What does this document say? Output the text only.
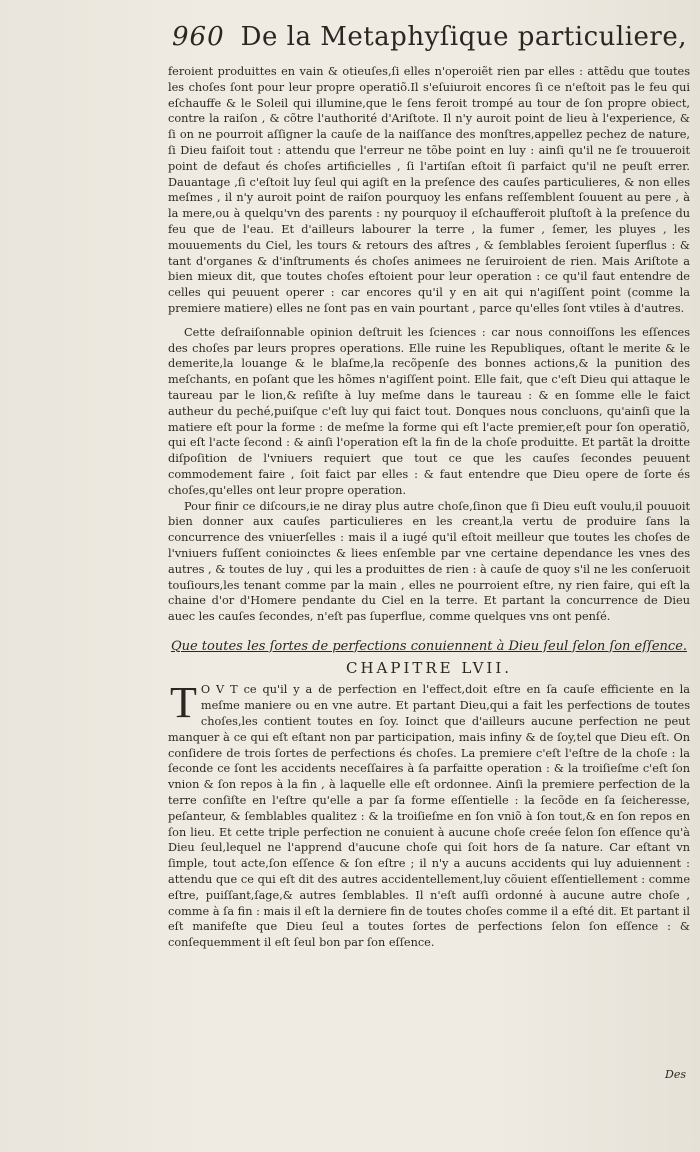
960 De la Metaphyſique particuliere,

feroient produittes en vain & otieuſes,ſi elles n'operoiẽt rien par elles : attẽdu que toutes les choſes ſont pour leur propre operatiõ.Il s'eſuiuroit encores ſi ce n'eſtoit pas le feu qui eſchauffe & le Soleil qui illumine,que le ſens feroit trompé au tour de ſon propre obiect, contre la raiſon , & cõtre l'authorité d'Ariſtote. Il n'y auroit point de lieu à l'experience, & ſi on ne pourroit aſſigner la cauſe de la naiſſance des monſtres,appellez pechez de nature, ſi Dieu faiſoit tout : attendu que l'erreur ne tõbe point en luy : ainſi qu'il ne ſe trouueroit point de defaut és choſes artificielles , ſi l'artiſan eſtoit ſi parfaict qu'il ne peuſt errer. Dauantage ,ſi c'eſtoit luy ſeul qui agiſt en la preſence des cauſes particulieres, & non elles meſmes , il n'y auroit point de raiſon pourquoy les enfans reſſemblent ſouuent au pere , à la mere,ou à quelqu'vn des parents : ny pourquoy il eſchaufferoit pluſtoſt à la preſence du feu que de l'eau. Et d'ailleurs labourer la terre , la fumer , ſemer, les pluyes , les mouuements du Ciel, les tours & retours des aſtres , & ſemblables ſeroient ſuperflus : & tant d'organes & d'inſtruments és choſes animees ne ſeruiroient de rien. Mais Ariſtote a bien mieux dit, que toutes choſes eſtoient pour leur operation : ce qu'il faut entendre de celles qui peuuent operer : car encores qu'il y en ait qui n'agiſſent point (comme la premiere matiere) elles ne ſont pas en vain pourtant , parce qu'elles ſont vtiles à d'autres.

Cette deſraiſonnable opinion deſtruit les ſciences : car nous connoiſſons les eſſences des choſes par leurs propres operations. Elle ruine les Republiques, oſtant le merite & le demerite,la louange & le blaſme,la recõpenſe des bonnes actions,& la punition des meſchants, en poſant que les hõmes n'agiſſent point. Elle fait, que c'eſt Dieu qui attaque le taureau par le lion,& reſiſte à luy meſme dans le taureau : & en ſomme elle le faict autheur du peché,puiſque c'eſt luy qui faict tout. Donques nous concluons, qu'ainſi que la matiere eſt pour la forme : de meſme la forme qui eſt l'acte premier,eſt pour ſon operatiõ, qui eſt l'acte ſecond : & ainſi l'operation eſt la fin de la choſe produitte. Et partãt la droitte diſpoſition de l'vniuers requiert que tout ce que les cauſes ſecondes peuuent commodement faire , ſoit faict par elles : & faut entendre que Dieu opere de ſorte és choſes,qu'elles ont leur propre operation.

Pour finir ce diſcours,ie ne diray plus autre choſe,ſinon que ſi Dieu euſt voulu,il pouuoit bien donner aux cauſes particulieres en les creant,la vertu de produire ſans la concurrence des vniuerſelles : mais il a iugé qu'il eſtoit meilleur que toutes les choſes de l'vniuers fuſſent conioinctes & liees enſemble par vne certaine dependance les vnes des autres , & toutes de luy , qui les a produittes de rien : à cauſe de quoy s'il ne les conſeruoit touſiours,les tenant comme par la main , elles ne pourroient eſtre, ny rien faire, qui eſt la chaine d'or d'Homere pendante du Ciel en la terre. Et partant la concurrence de Dieu auec les cauſes ſecondes, n'eſt pas ſuperflue, comme quelques vns ont penſé.

Que toutes les ſortes de perfections conuiennent à Dieu ſeul ſelon ſon eſſence.
CHAPITRE LVII.

T O V T ce qu'il y a de perfection en l'effect,doit eſtre en ſa cauſe efficiente en la meſme maniere ou en vne autre. Et partant Dieu,qui a fait les perfections de toutes choſes,les contient toutes en ſoy. Ioinct que d'ailleurs aucune perfection ne peut manquer à ce qui eſt eſtant non par participation, mais infiny & de ſoy,tel que Dieu eſt. On conſidere de trois ſortes de perfections és choſes. La premiere c'eſt l'eſtre de la choſe : la ſeconde ce ſont les accidents neceſſaires à ſa parfaitte operation : & la troiſieſme c'eſt ſon vnion & ſon repos à la fin , à laquelle elle eſt ordonnee. Ainſi la premiere perfection de la terre conſiſte en l'eſtre qu'elle a par ſa forme eſſentielle : la ſecõde en ſa ſeicheresse, peſanteur, & ſemblables qualitez : & la troiſieſme en ſon vniõ à ſon tout,& en ſon repos en ſon lieu. Et cette triple perfection ne conuient à aucune choſe creée ſelon ſon eſſence qu'à Dieu ſeul,lequel ne l'apprend d'aucune choſe qui ſoit hors de ſa nature. Car eſtant vn ſimple, tout acte,ſon eſſence & ſon eſtre ; il n'y a aucuns accidents qui luy aduiennent : attendu que ce qui eſt dit des autres accidentellement,luy cõuient eſſentiellement : comme eſtre, puiſſant,ſage,& autres ſemblables. Il n'eſt auſſi ordonné à aucune autre choſe , comme à ſa fin : mais il eſt la derniere fin de toutes choſes comme il a eſté dit. Et partant il eſt manifeſte que Dieu ſeul a toutes ſortes de perfections ſelon ſon eſſence : & conſequemment il eſt ſeul bon par ſon eſſence.

Des
